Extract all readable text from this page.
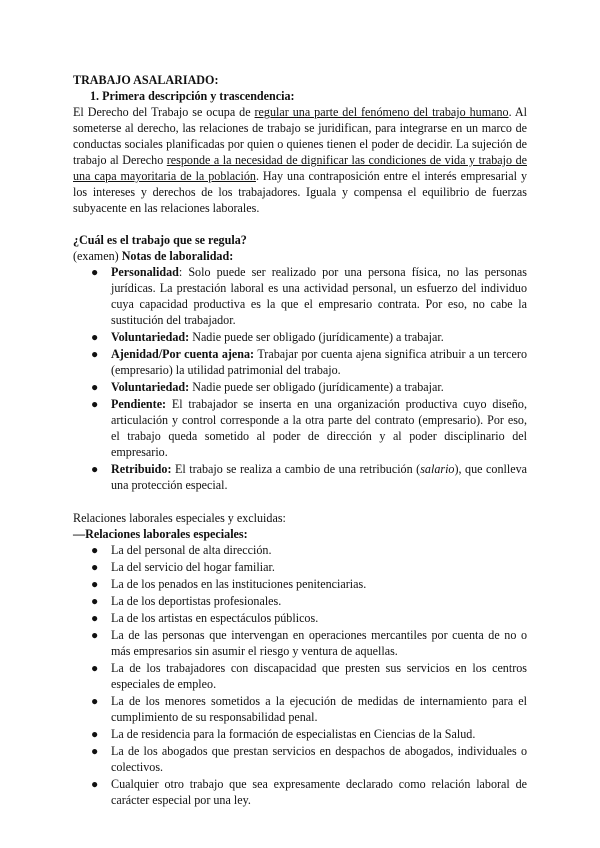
TRABAJO ASALARIADO:

1. Primera descripción y trascendencia:

El Derecho del Trabajo se ocupa de regular una parte del fenómeno del trabajo humano. Al someterse al derecho, las relaciones de trabajo se juridifican, para integrarse en un marco de conductas sociales planificadas por quien o quienes tienen el poder de decidir. La sujeción de trabajo al Derecho responde a la necesidad de dignificar las condiciones de vida y trabajo de una capa mayoritaria de la población. Hay una contraposición entre el interés empresarial y los intereses y derechos de los trabajadores. Iguala y compensa el equilibrio de fuerzas subyacente en las relaciones laborales.

¿Cuál es el trabajo que se regula?

(examen) Notas de laboralidad:

● Personalidad: Solo puede ser realizado por una persona física, no las personas jurídicas. La prestación laboral es una actividad personal, un esfuerzo del individuo cuya capacidad productiva es la que el empresario contrata. Por eso, no cabe la sustitución del trabajador.
● Voluntariedad: Nadie puede ser obligado (jurídicamente) a trabajar.
● Ajenidad/Por cuenta ajena: Trabajar por cuenta ajena significa atribuir a un tercero (empresario) la utilidad patrimonial del trabajo.
● Voluntariedad: Nadie puede ser obligado (jurídicamente) a trabajar.
● Pendiente: El trabajador se inserta en una organización productiva cuyo diseño, articulación y control corresponde a la otra parte del contrato (empresario). Por eso, el trabajo queda sometido al poder de dirección y al poder disciplinario del empresario.
● Retribuido: El trabajo se realiza a cambio de una retribución (salario), que conlleva una protección especial.

Relaciones laborales especiales y excluidas:

—Relaciones laborales especiales:

● La del personal de alta dirección.
● La del servicio del hogar familiar.
● La de los penados en las instituciones penitenciarias.
● La de los deportistas profesionales.
● La de los artistas en espectáculos públicos.
● La de las personas que intervengan en operaciones mercantiles por cuenta de no o más empresarios sin asumir el riesgo y ventura de aquellas.
● La de los trabajadores con discapacidad que presten sus servicios en los centros especiales de empleo.
● La de los menores sometidos a la ejecución de medidas de internamiento para el cumplimiento de su responsabilidad penal.
● La de residencia para la formación de especialistas en Ciencias de la Salud.
● La de los abogados que prestan servicios en despachos de abogados, individuales o colectivos.
● Cualquier otro trabajo que sea expresamente declarado como relación laboral de carácter especial por una ley.
